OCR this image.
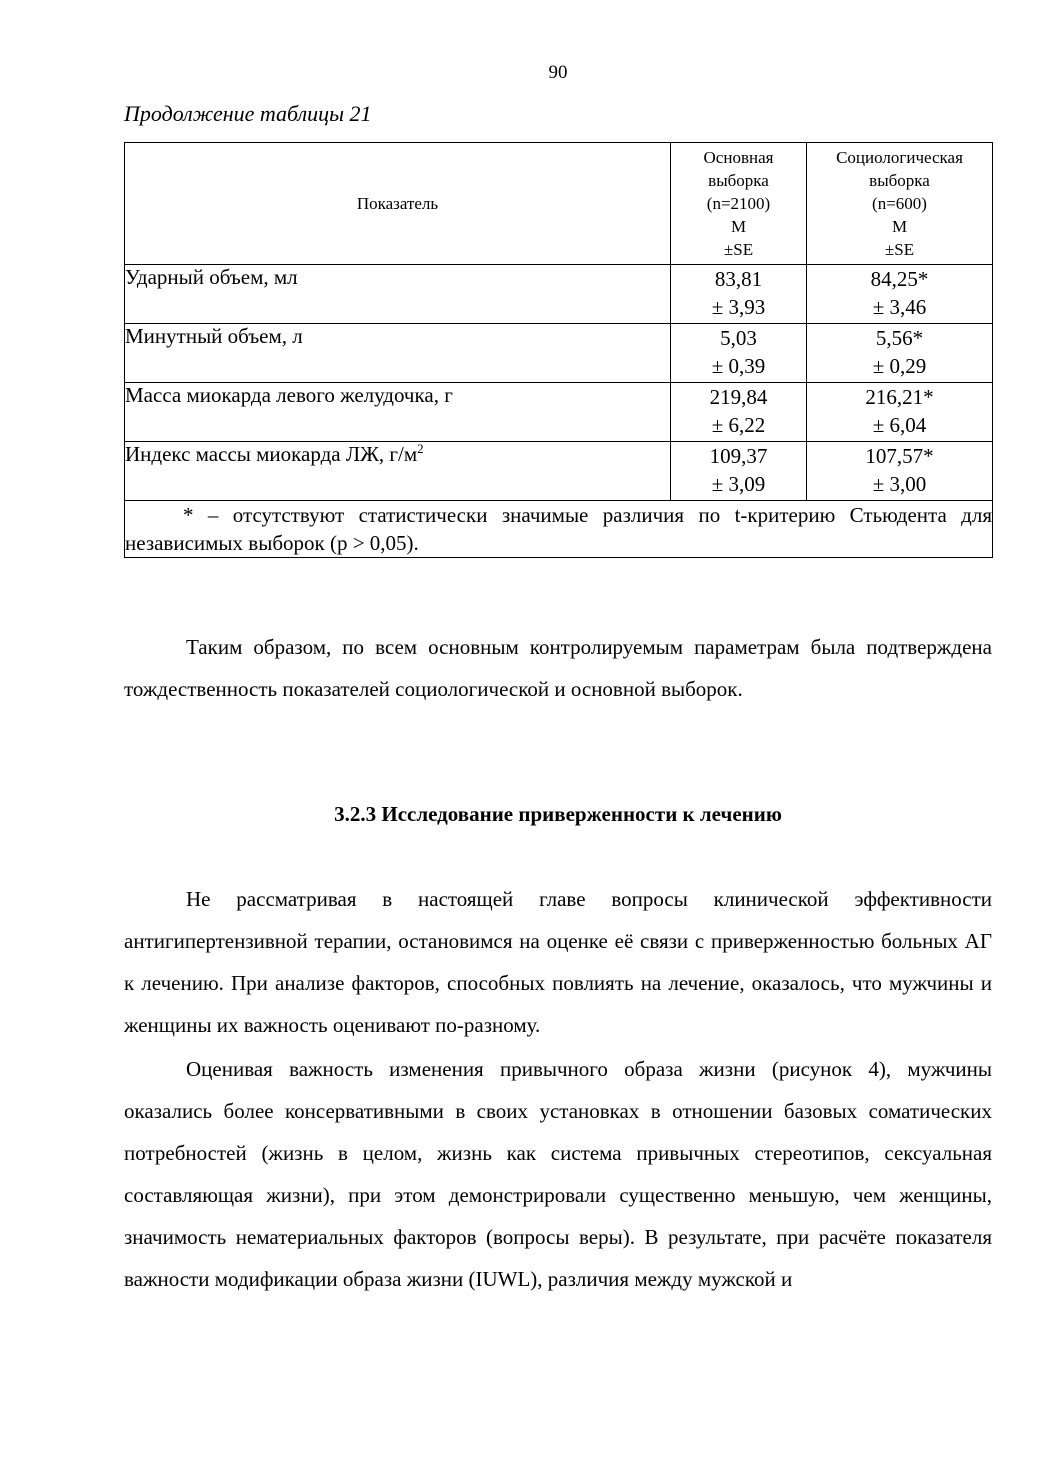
90
Продолжение таблицы 21
Показатель	Основная
выборка
(n=2100)
M
±SE	Социологическая
выборка
(n=600)
M
±SE

Ударный объем, мл	83,81
± 3,93	84,25*
± 3,46

Минутный объем, л	5,03
± 0,39	5,56*
± 0,29

Масса миокарда левого желудочка, г	219,84
± 6,22	216,21*
± 6,04

Индекс массы миокарда ЛЖ, $г/м^2$	109,37
± 3,09	107,57*
± 3,00

* – отсутствуют статистически значимые различия по t-критерию Стьюдента для независимых выборок (p > 0,05).		

Таким образом, по всем основным контролируемым параметрам была подтверждена тождественность показателей социологической и основной выборок.

3.2.3 Исследование приверженности к лечению

Не рассматривая в настоящей главе вопросы клинической эффективности антигипертензивной терапии, остановимся на оценке её связи с приверженностью больных АГ к лечению. При анализе факторов, способных повлиять на лечение, оказалось, что мужчины и женщины их важность оценивают по-разному.

Оценивая важность изменения привычного образа жизни (рисунок 4), мужчины оказались более консервативными в своих установках в отношении базовых соматических потребностей (жизнь в целом, жизнь как система привычных стереотипов, сексуальная составляющая жизни), при этом демонстрировали существенно меньшую, чем женщины, значимость нематериальных факторов (вопросы веры). В результате, при расчёте показателя важности модификации образа жизни (IUWL), различия между мужской и
